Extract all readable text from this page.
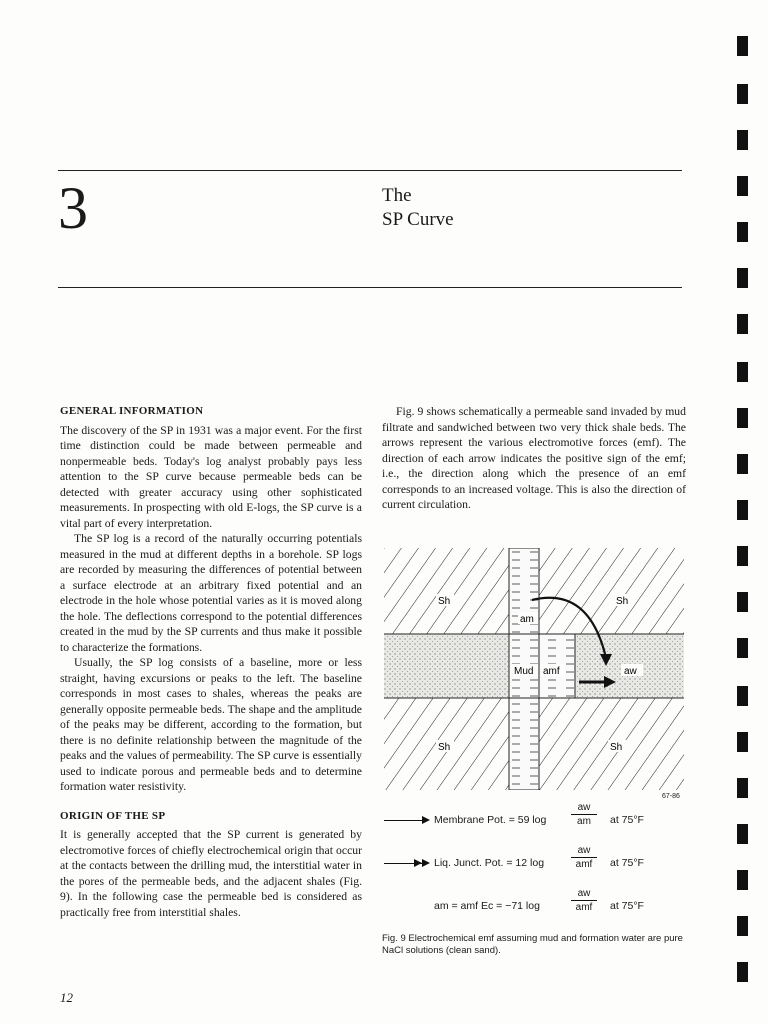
3	The
SP Curve
GENERAL INFORMATION

The discovery of the SP in 1931 was a major event. For the first time distinction could be made between permeable and nonpermeable beds. Today's log analyst probably pays less attention to the SP curve because permeable beds can be detected with greater accuracy using other sophisticated measurements. In prospecting with old E-logs, the SP curve is a vital part of every interpretation.

The SP log is a record of the naturally occurring potentials measured in the mud at different depths in a borehole. SP logs are recorded by measuring the differences of potential between a surface electrode at an arbitrary fixed potential and an electrode in the hole whose potential varies as it is moved along the hole. The deflections correspond to the potential differences created in the mud by the SP currents and thus make it possible to characterize the formations.

Usually, the SP log consists of a baseline, more or less straight, having excursions or peaks to the left. The baseline corresponds in most cases to shales, whereas the peaks are generally opposite permeable beds. The shape and the amplitude of the peaks may be different, according to the formation, but there is no definite relationship between the magnitude of the peaks and the values of permeability. The SP curve is essentially used to indicate porous and permeable beds and to determine formation water resistivity.

ORIGIN OF THE SP

It is generally accepted that the SP current is generated by electromotive forces of chiefly electrochemical origin that occur at the contacts between the drilling mud, the interstitial water in the pores of the permeable beds, and the adjacent shales (Fig. 9). In the following case the permeable bed is considered as practically free from interstitial shales.

Fig. 9 shows schematically a permeable sand invaded by mud filtrate and sandwiched between two very thick shale beds. The arrows represent the various electromotive forces (emf). The direction of each arrow indicates the positive sign of the emf; i.e., the direction along which the presence of an emf corresponds to an increased voltage. This is also the direction of current circulation.

Sh	Sh
Sh	Sh
am
Mud amf	aw
67-86
Membrane Pot. = 59 $\log \frac{aw}{am}$ at 75°F
Liq. Junct. Pot. = 12 log
aw
amf	at 75°F
am = amf Ec = −71 log
aw
amf	at 75°F
Fig. 9 Electrochemical emf assuming mud and formation water are pure NaCl solutions (clean sand).
12
